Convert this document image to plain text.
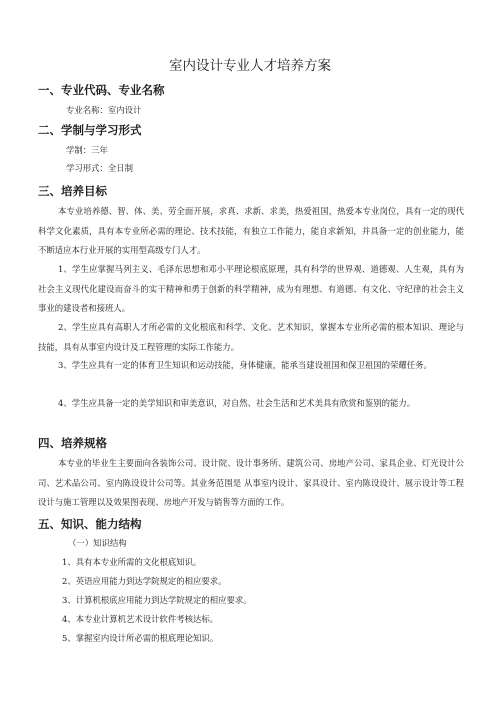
室内设计专业人才培养方案
一、专业代码、专业名称
专业名称：室内设计
二、学制与学习形式
学制：三年
学习形式：全日制
三、培养目标

本专业培养德、智、体、美、劳全面开展，求真、求新、求美，热爱祖国，热爱本专业岗位，具有一定的现代科学文化素质，具有本专业所必需的理论、技术技能，有独立工作能力，能自求新知，并具备一定的创业能力，能不断适应本行业开展的实用型高级专门人才。

1、学生应掌握马列主义、毛泽东思想和邓小平理论根底原理，具有科学的世界观、道德观、人生观，具有为社会主义现代化建设而奋斗的实干精神和勇于创新的科学精神，成为有理想、有道德、有文化、守纪律的社会主义事业的建设者和接班人。

2、学生应具有高职人才所必需的文化根底和科学、文化、艺术知识，掌握本专业所必需的根本知识、理论与技能，具有从事室内设计及工程管理的实际工作能力。

3、学生应具有一定的体育卫生知识和运动技能，身体健康，能承当建设祖国和保卫祖国的荣耀任务。

4、学生应具备一定的美学知识和审美意识，对自然、社会生活和艺术美具有欣赏和鉴别的能力。

四、培养规格

本专业的毕业生主要面向各装饰公司、设计院、设计事务所、建筑公司、房地产公司、家具企业、灯光设计公司、艺术品公司、室内陈设设计公司等。其业务范围是 从事室内设计、家具设计、室内陈设设计、展示设计等工程设计与施工管理以及效果图表现、房地产开发与销售等方面的工作。

五、知识、能力结构
（一）知识结构
1、具有本专业所需的文化根底知识。
2、英语应用能力到达学院规定的相应要求。
3、计算机根底应用能力到达学院规定的相应要求。
4、本专业计算机艺术设计软件考核达标。
5、掌握室内设计所必需的根底理论知识。
